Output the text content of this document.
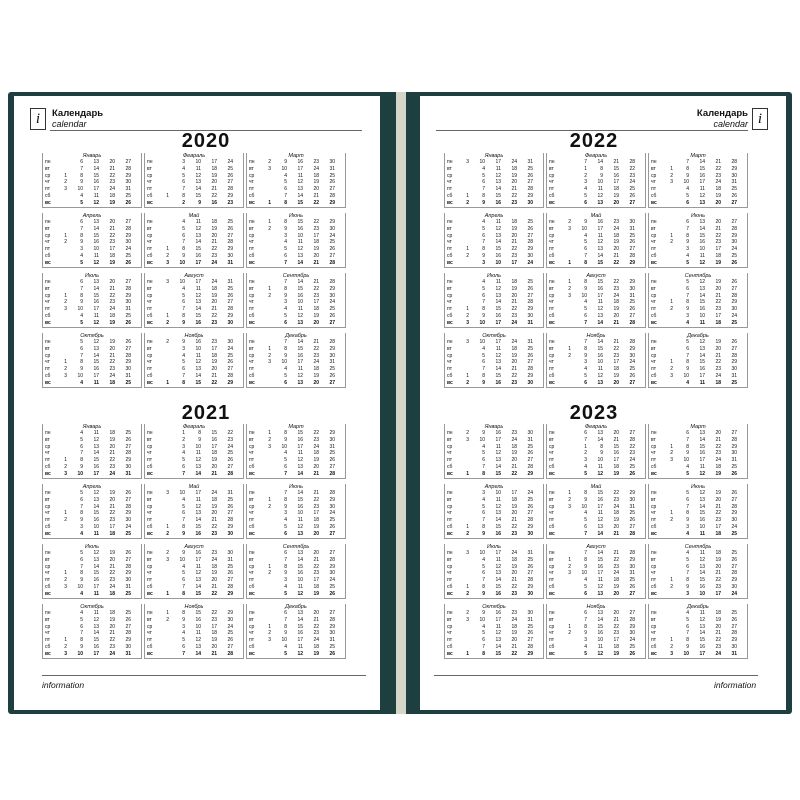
i	Календарь
calendar
2020
Январь
пн	6	13	20	27
вт	7	14	21	28
ср	1	8	15	22	29
чт	2	9	16	23	30
пт	3	10	17	24	31
сб	4	11	18	25
вс	5	12	19	26
Февраль
пн	3	10	17	24
вт	4	11	18	25
ср	5	12	19	26
чт	6	13	20	27
пт	7	14	21	28
сб	1	8	15	22	29
вс	2	9	16	23
Март
пн	2	9	16	23	30
вт	3	10	17	24	31
ср	4	11	18	25
чт	5	12	19	26
пт	6	13	20	27
сб	7	14	21	28
вс	1	8	15	22	29
Апрель
пн	6	13	20	27
вт	7	14	21	28
ср	1	8	15	22	29
чт	2	9	16	23	30
пт	3	10	17	24
сб	4	11	18	25
вс	5	12	19	26
Май
пн	4	11	18	25
вт	5	12	19	26
ср	6	13	20	27
чт	7	14	21	28
пт	1	8	15	22	29
сб	2	9	16	23	30
вс	3	10	17	24	31
Июнь
пн	1	8	15	22	29
вт	2	9	16	23	30
ср	3	10	17	24
чт	4	11	18	25
пт	5	12	19	26
сб	6	13	20	27
вс	7	14	21	28
Июль
пн	6	13	20	27
вт	7	14	21	28
ср	1	8	15	22	29
чт	2	9	16	23	30
пт	3	10	17	24	31
сб	4	11	18	25
вс	5	12	19	26
Август
пн	3	10	17	24	31
вт	4	11	18	25
ср	5	12	19	26
чт	6	13	20	27
пт	7	14	21	28
сб	1	8	15	22	29
вс	2	9	16	23	30
Сентябрь
пн	7	14	21	28
вт	1	8	15	22	29
ср	2	9	16	23	30
чт	3	10	17	24
пт	4	11	18	25
сб	5	12	19	26
вс	6	13	20	27
Октябрь
пн	5	12	19	26
вт	6	13	20	27
ср	7	14	21	28
чт	1	8	15	22	29
пт	2	9	16	23	30
сб	3	10	17	24	31
вс	4	11	18	25
Ноябрь
пн	2	9	16	23	30
вт	3	10	17	24
ср	4	11	18	25
чт	5	12	19	26
пт	6	13	20	27
сб	7	14	21	28
вс	1	8	15	22	29
Декабрь
пн	7	14	21	28
вт	1	8	15	22	29
ср	2	9	16	23	30
чт	3	10	17	24	31
пт	4	11	18	25
сб	5	12	19	26
вс	6	13	20	27
2021
Январь
пн	4	11	18	25
вт	5	12	19	26
ср	6	13	20	27
чт	7	14	21	28
пт	1	8	15	22	29
сб	2	9	16	23	30
вс	3	10	17	24	31
Февраль
пн	1	8	15	22
вт	2	9	16	23
ср	3	10	17	24
чт	4	11	18	25
пт	5	12	19	26
сб	6	13	20	27
вс	7	14	21	28
Март
пн	1	8	15	22	29
вт	2	9	16	23	30
ср	3	10	17	24	31
чт	4	11	18	25
пт	5	12	19	26
сб	6	13	20	27
вс	7	14	21	28
Апрель
пн	5	12	19	26
вт	6	13	20	27
ср	7	14	21	28
чт	1	8	15	22	29
пт	2	9	16	23	30
сб	3	10	17	24
вс	4	11	18	25
Май
пн	3	10	17	24	31
вт	4	11	18	25
ср	5	12	19	26
чт	6	13	20	27
пт	7	14	21	28
сб	1	8	15	22	29
вс	2	9	16	23	30
Июнь
пн	7	14	21	28
вт	1	8	15	22	29
ср	2	9	16	23	30
чт	3	10	17	24
пт	4	11	18	25
сб	5	12	19	26
вс	6	13	20	27
Июль
пн	5	12	19	26
вт	6	13	20	27
ср	7	14	21	28
чт	1	8	15	22	29
пт	2	9	16	23	30
сб	3	10	17	24	31
вс	4	11	18	25
Август
пн	2	9	16	23	30
вт	3	10	17	24	31
ср	4	11	18	25
чт	5	12	19	26
пт	6	13	20	27
сб	7	14	21	28
вс	1	8	15	22	29
Сентябрь
пн	6	13	20	27
вт	7	14	21	28
ср	1	8	15	22	29
чт	2	9	16	23	30
пт	3	10	17	24
сб	4	11	18	25
вс	5	12	19	26
Октябрь
пн	4	11	18	25
вт	5	12	19	26
ср	6	13	20	27
чт	7	14	21	28
пт	1	8	15	22	29
сб	2	9	16	23	30
вс	3	10	17	24	31
Ноябрь
пн	1	8	15	22	29
вт	2	9	16	23	30
ср	3	10	17	24
чт	4	11	18	25
пт	5	12	19	26
сб	6	13	20	27
вс	7	14	21	28
Декабрь
пн	6	13	20	27
вт	7	14	21	28
ср	1	8	15	22	29
чт	2	9	16	23	30
пт	3	10	17	24	31
сб	4	11	18	25
вс	5	12	19	26
information
Календарь
calendar i
2022
Январь
пн	3	10	17	24	31
вт	4	11	18	25
ср	5	12	19	26
чт	6	13	20	27
пт	7	14	21	28
сб	1	8	15	22	29
вс	2	9	16	23	30
Февраль
пн	7	14	21	28
вт	1	8	15	22
ср	2	9	16	23
чт	3	10	17	24
пт	4	11	18	25
сб	5	12	19	26
вс	6	13	20	27
Март
пн	7	14	21	28
вт	1	8	15	22	29
ср	2	9	16	23	30
чт	3	10	17	24	31
пт	4	11	18	25
сб	5	12	19	26
вс	6	13	20	27
Апрель
пн	4	11	18	25
вт	5	12	19	26
ср	6	13	20	27
чт	7	14	21	28
пт	1	8	15	22	29
сб	2	9	16	23	30
вс	3	10	17	24
Май
пн	2	9	16	23	30
вт	3	10	17	24	31
ср	4	11	18	25
чт	5	12	19	26
пт	6	13	20	27
сб	7	14	21	28
вс	1	8	15	22	29
Июнь
пн	6	13	20	27
вт	7	14	21	28
ср	1	8	15	22	29
чт	2	9	16	23	30
пт	3	10	17	24
сб	4	11	18	25
вс	5	12	19	26
Июль
пн	4	11	18	25
вт	5	12	19	26
ср	6	13	20	27
чт	7	14	21	28
пт	1	8	15	22	29
сб	2	9	16	23	30
вс	3	10	17	24	31
Август
пн	1	8	15	22	29
вт	2	9	16	23	30
ср	3	10	17	24	31
чт	4	11	18	25
пт	5	12	19	26
сб	6	13	20	27
вс	7	14	21	28
Сентябрь
пн	5	12	19	26
вт	6	13	20	27
ср	7	14	21	28
чт	1	8	15	22	29
пт	2	9	16	23	30
сб	3	10	17	24
вс	4	11	18	25
Октябрь
пн	3	10	17	24	31
вт	4	11	18	25
ср	5	12	19	26
чт	6	13	20	27
пт	7	14	21	28
сб	1	8	15	22	29
вс	2	9	16	23	30
Ноябрь
пн	7	14	21	28
вт	1	8	15	22	29
ср	2	9	16	23	30
чт	3	10	17	24
пт	4	11	18	25
сб	5	12	19	26
вс	6	13	20	27
Декабрь
пн	5	12	19	26
вт	6	13	20	27
ср	7	14	21	28
чт	1	8	15	22	29
пт	2	9	16	23	30
сб	3	10	17	24	31
вс	4	11	18	25
2023
Январь
пн	2	9	16	23	30
вт	3	10	17	24	31
ср	4	11	18	25
чт	5	12	19	26
пт	6	13	20	27
сб	7	14	21	28
вс	1	8	15	22	29
Февраль
пн	6	13	20	27
вт	7	14	21	28
ср	1	8	15	22
чт	2	9	16	23
пт	3	10	17	24
сб	4	11	18	25
вс	5	12	19	26
Март
пн	6	13	20	27
вт	7	14	21	28
ср	1	8	15	22	29
чт	2	9	16	23	30
пт	3	10	17	24	31
сб	4	11	18	25
вс	5	12	19	26
Апрель
пн	3	10	17	24
вт	4	11	18	25
ср	5	12	19	26
чт	6	13	20	27
пт	7	14	21	28
сб	1	8	15	22	29
вс	2	9	16	23	30
Май
пн	1	8	15	22	29
вт	2	9	16	23	30
ср	3	10	17	24	31
чт	4	11	18	25
пт	5	12	19	26
сб	6	13	20	27
вс	7	14	21	28
Июнь
пн	5	12	19	26
вт	6	13	20	27
ср	7	14	21	28
чт	1	8	15	22	29
пт	2	9	16	23	30
сб	3	10	17	24
вс	4	11	18	25
Июль
пн	3	10	17	24	31
вт	4	11	18	25
ср	5	12	19	26
чт	6	13	20	27
пт	7	14	21	28
сб	1	8	15	22	29
вс	2	9	16	23	30
Август
пн	7	14	21	28
вт	1	8	15	22	29
ср	2	9	16	23	30
чт	3	10	17	24	31
пт	4	11	18	25
сб	5	12	19	26
вс	6	13	20	27
Сентябрь
пн	4	11	18	25
вт	5	12	19	26
ср	6	13	20	27
чт	7	14	21	28
пт	1	8	15	22	29
сб	2	9	16	23	30
вс	3	10	17	24
Октябрь
пн	2	9	16	23	30
вт	3	10	17	24	31
ср	4	11	18	25
чт	5	12	19	26
пт	6	13	20	27
сб	7	14	21	28
вс	1	8	15	22	29
Ноябрь
пн	6	13	20	27
вт	7	14	21	28
ср	1	8	15	22	29
чт	2	9	16	23	30
пт	3	10	17	24
сб	4	11	18	25
вс	5	12	19	26
Декабрь
пн	4	11	18	25
вт	5	12	19	26
ср	6	13	20	27
чт	7	14	21	28
пт	1	8	15	22	29
сб	2	9	16	23	30
вс	3	10	17	24	31
information
